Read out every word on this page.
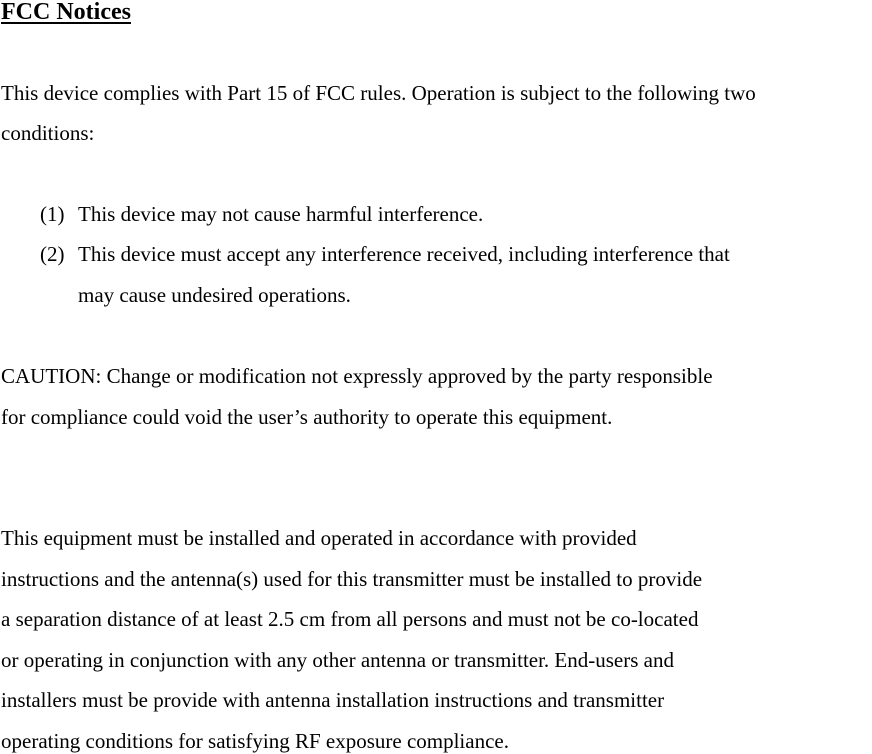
FCC Notices

This device complies with Part 15 of FCC rules. Operation is subject to the following two

conditions:

(1) This device may not cause harmful interference.
(2) This device must accept any interference received, including interference that
may cause undesired operations.

CAUTION: Change or modification not expressly approved by the party responsible

for compliance could void the user’s authority to operate this equipment.

This equipment must be installed and operated in accordance with provided

instructions and the antenna(s) used for this transmitter must be installed to provide

a separation distance of at least 2.5 cm from all persons and must not be co-located

or operating in conjunction with any other antenna or transmitter. End-users and

installers must be provide with antenna installation instructions and transmitter

operating conditions for satisfying RF exposure compliance.
